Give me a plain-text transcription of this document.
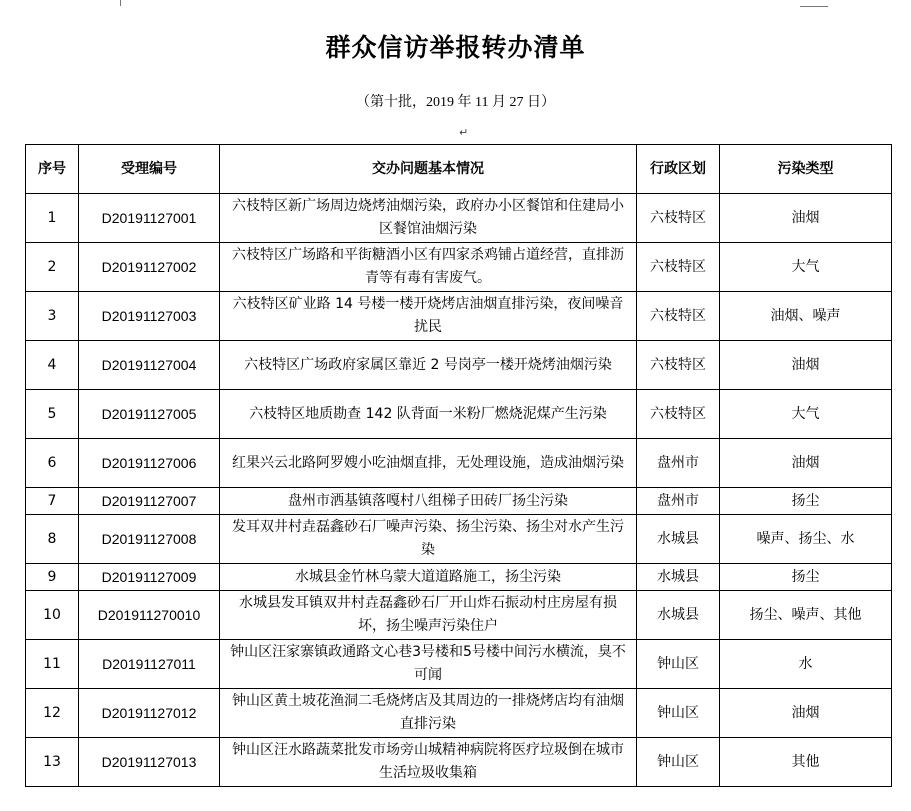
群众信访举报转办清单
（第十批，2019 年 11 月 27 日）
↵
序号	受理编号	交办问题基本情况	行政区划	污染类型
1	D20191127001	六枝特区新广场周边烧烤油烟污染，政府办小区餐馆和住建局小区餐馆油烟污染	六枝特区	油烟
2	D20191127002	六枝特区广场路和平街糖酒小区有四家杀鸡铺占道经营，直排沥青等有毒有害废气。	六枝特区	大气
3	D20191127003	六枝特区矿业路 14 号楼一楼开烧烤店油烟直排污染，夜间噪音扰民	六枝特区	油烟、噪声
4	D20191127004	六枝特区广场政府家属区靠近 2 号岗亭一楼开烧烤油烟污染	六枝特区	油烟
5	D20191127005	六枝特区地质勘查 142 队背面一米粉厂燃烧泥煤产生污染	六枝特区	大气
6	D20191127006	红果兴云北路阿罗嫂小吃油烟直排，无处理设施，造成油烟污染	盘州市	油烟
7	D20191127007	盘州市洒基镇落嘎村八组梯子田砖厂扬尘污染	盘州市	扬尘
8	D20191127008	发耳双井村垚磊鑫砂石厂噪声污染、扬尘污染、扬尘对水产生污染	水城县	噪声、扬尘、水
9	D20191127009	水城县金竹林乌蒙大道道路施工，扬尘污染	水城县	扬尘
10	D201911270010	水城县发耳镇双井村垚磊鑫砂石厂开山炸石振动村庄房屋有损坏，扬尘噪声污染住户	水城县	扬尘、噪声、其他
11	D20191127011	钟山区汪家寨镇政通路文心巷3号楼和5号楼中间污水横流，臭不可闻	钟山区	水
12	D20191127012	钟山区黄土坡花渔洞二毛烧烤店及其周边的一排烧烤店均有油烟直排污染	钟山区	油烟
13	D20191127013	钟山区汪水路蔬菜批发市场旁山城精神病院将医疗垃圾倒在城市生活垃圾收集箱	钟山区	其他
